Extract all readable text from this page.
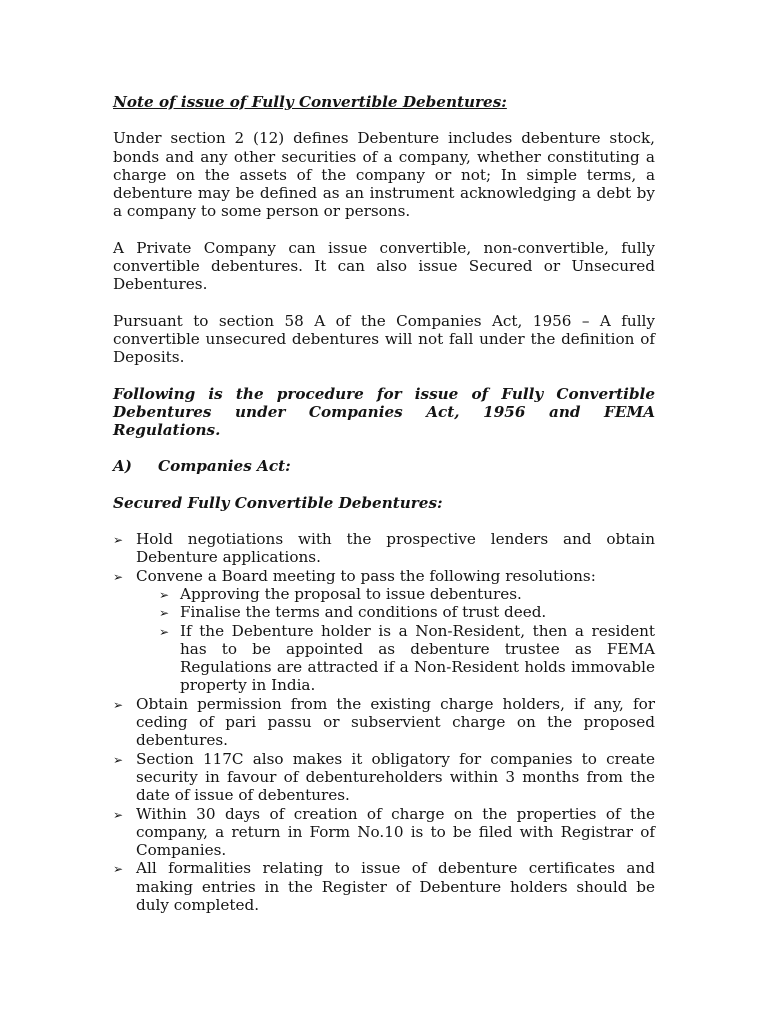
Note of issue of Fully Convertible Debentures:

Under section 2 (12) defines Debenture includes debenture stock, bonds and any other securities of a company, whether constituting a charge on the assets of the company or not; In simple terms, a debenture may be defined as an instrument acknowledging a debt by a company to some person or persons.

A Private Company can issue convertible, non-convertible, fully convertible debentures. It can also issue Secured or Unsecured Debentures.

Pursuant to section 58 A of the Companies Act, 1956 – A fully convertible unsecured debentures will not fall under the definition of Deposits.

Following is the procedure for issue of Fully Convertible Debentures under Companies Act, 1956 and FEMA Regulations.

A)	Companies Act:
Secured Fully Convertible Debentures:
➢ Hold negotiations with the prospective lenders and obtain Debenture applications.
➢ Convene a Board meeting to pass the following resolutions:
➢ Approving the proposal to issue debentures.
➢ Finalise the terms and conditions of trust deed.
➢ If the Debenture holder is a Non-Resident, then a resident has to be appointed as debenture trustee as FEMA Regulations are attracted if a Non-Resident holds immovable property in India.
➢ Obtain permission from the existing charge holders, if any, for ceding of pari passu or subservient charge on the proposed debentures.
➢ Section 117C also makes it obligatory for companies to create security in favour of debentureholders within 3 months from the date of issue of debentures.
➢ Within 30 days of creation of charge on the properties of the company, a return in Form No.10 is to be filed with Registrar of Companies.
➢ All formalities relating to issue of debenture certificates and making entries in the Register of Debenture holders should be duly completed.
